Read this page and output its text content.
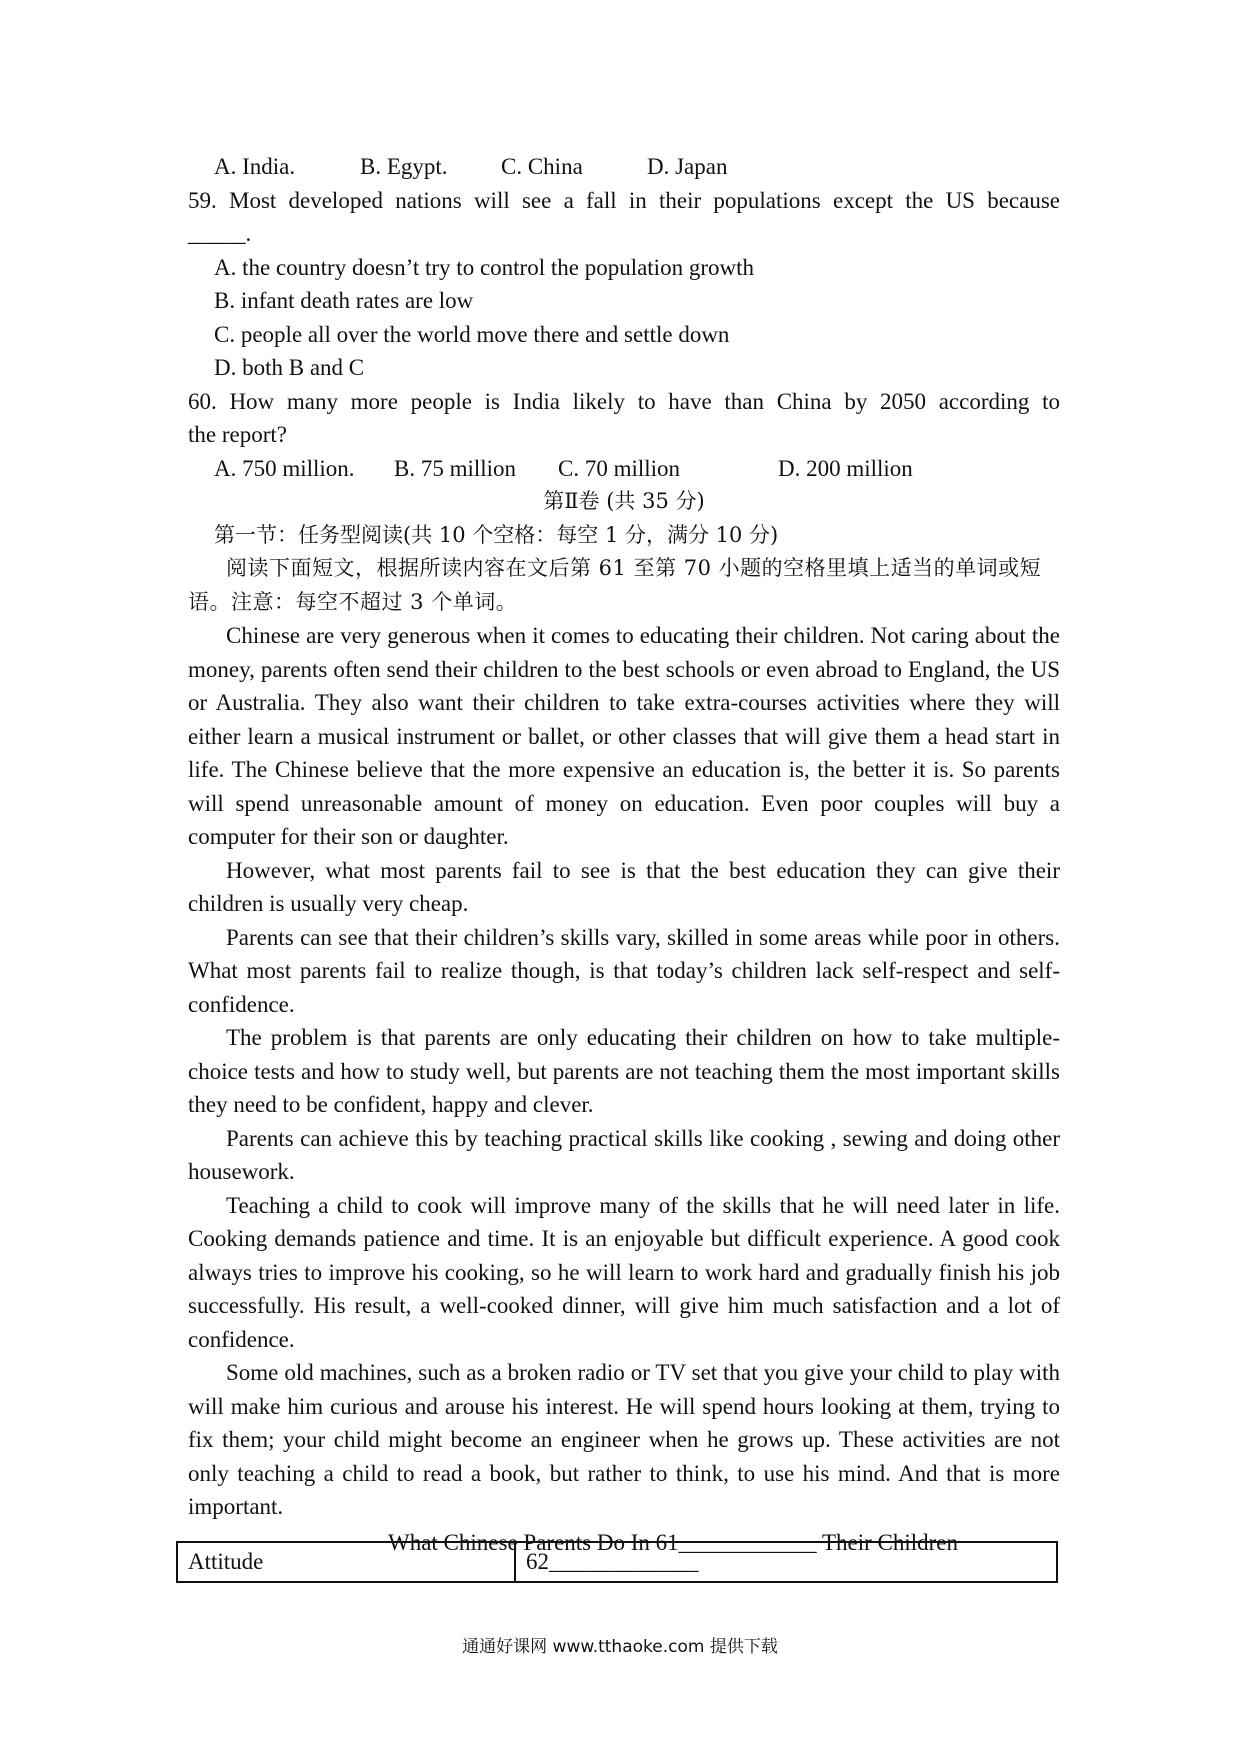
A. India.	B. Egypt.	C. China	D. Japan
59. Most developed nations will see a fall in their populations except the US because
_____.
A. the country doesn’t try to control the population growth
B. infant death rates are low
C. people all over the world move there and settle down
D. both B and C
60. How many more people is India likely to have than China by 2050 according to
the report?
A. 750 million.	B. 75 million	C. 70 million	D. 200 million
第Ⅱ卷 (共 35 分)
第一节：任务型阅读(共 10 个空格：每空 1 分，满分 10 分)

阅读下面短文，根据所读内容在文后第 61 至第 70 小题的空格里填上适当的单词或短语。注意：每空不超过 3 个单词。

Chinese are very generous when it comes to educating their children. Not caring about the money, parents often send their children to the best schools or even abroad to England, the US or Australia. They also want their children to take extra-courses activities where they will either learn a musical instrument or ballet, or other classes that will give them a head start in life. The Chinese believe that the more expensive an education is, the better it is. So parents will spend unreasonable amount of money on education. Even poor couples will buy a computer for their son or daughter.

However, what most parents fail to see is that the best education they can give their children is usually very cheap.

Parents can see that their children’s skills vary, skilled in some areas while poor in others. What most parents fail to realize though, is that today’s children lack self-respect and self-confidence.

The problem is that parents are only educating their children on how to take multiple-choice tests and how to study well, but parents are not teaching them the most important skills they need to be confident, happy and clever.

Parents can achieve this by teaching practical skills like cooking , sewing and doing other housework.

Teaching a child to cook will improve many of the skills that he will need later in life. Cooking demands patience and time. It is an enjoyable but difficult experience. A good cook always tries to improve his cooking, so he will learn to work hard and gradually finish his job successfully. His result, a well-cooked dinner, will give him much satisfaction and a lot of confidence.

Some old machines, such as a broken radio or TV set that you give your child to play with will make him curious and arouse his interest. He will spend hours looking at them, trying to fix them; your child might become an engineer when he grows up. These activities are not only teaching a child to read a book, but rather to think, to use his mind. And that is more important.

What Chinese Parents Do In 61____________ Their Children
Attitude	62_____________
通通好课网 www.tthaoke.com 提供下载
